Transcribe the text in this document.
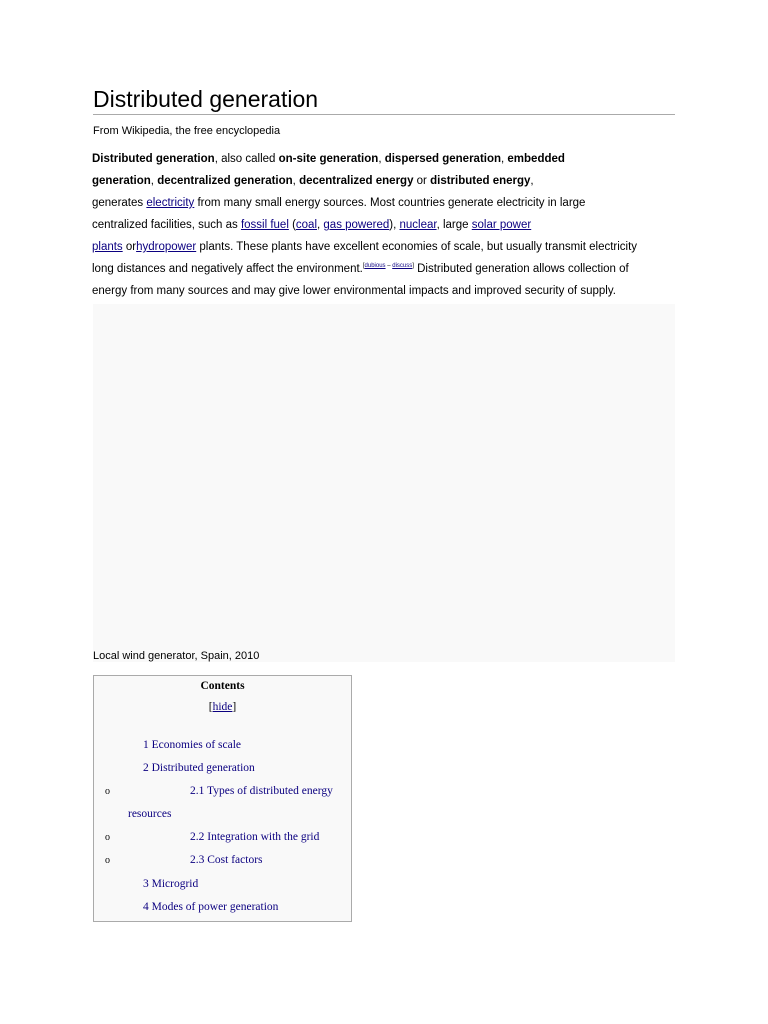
Distributed generation
From Wikipedia, the free encyclopedia
Distributed generation, also called on-site generation, dispersed generation, embedded
generation, decentralized generation, decentralized energy or distributed energy,
generates electricity from many small energy sources. Most countries generate electricity in large
centralized facilities, such as fossil fuel (coal, gas powered), nuclear, large solar power
plants orhydropower plants. These plants have excellent economies of scale, but usually transmit electricity
long distances and negatively affect the environment.[dubious – discuss] Distributed generation allows collection of
energy from many sources and may give lower environmental impacts and improved security of supply.
Local wind generator, Spain, 2010
Contents
[hide]
1 Economies of scale
2 Distributed generation
o	2.1 Types of distributed energy
resources
o	2.2 Integration with the grid
o	2.3 Cost factors
3 Microgrid
4 Modes of power generation
